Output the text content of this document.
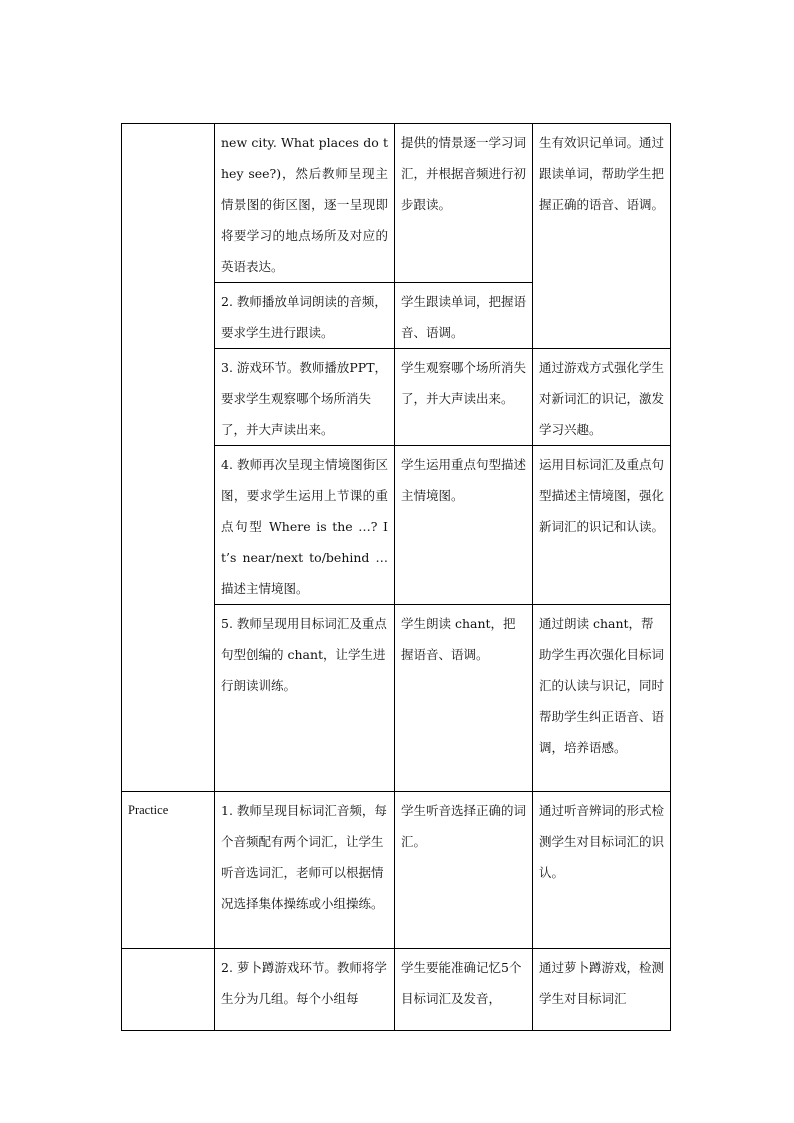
	new city. What places do they see?)，然后教师呈现主情景图的街区图，逐一呈现即将要学习的地点场所及对应的英语表达。	提供的情景逐一学习词汇，并根据音频进行初步跟读。	生有效识记单词。通过跟读单词，帮助学生把握正确的语音、语调。
	2. 教师播放单词朗读的音频，要求学生进行跟读。	学生跟读单词，把握语音、语调。	
	3. 游戏环节。教师播放PPT，要求学生观察哪个场所消失了，并大声读出来。	学生观察哪个场所消失了，并大声读出来。	通过游戏方式强化学生对新词汇的识记，激发学习兴趣。
	4. 教师再次呈现主情境图街区图，要求学生运用上节课的重点句型 Where is the …? It’s near/next to/behind …描述主情境图。	学生运用重点句型描述主情境图。	运用目标词汇及重点句型描述主情境图，强化新词汇的识记和认读。
	5. 教师呈现用目标词汇及重点句型创编的 chant，让学生进行朗读训练。	学生朗读 chant，把握语音、语调。	通过朗读 chant，帮助学生再次强化目标词汇的认读与识记，同时帮助学生纠正语音、语调，培养语感。
Practice	1. 教师呈现目标词汇音频，每个音频配有两个词汇，让学生听音选词汇，老师可以根据情况选择集体操练或小组操练。	学生听音选择正确的词汇。	通过听音辨词的形式检测学生对目标词汇的识认。
	2. 萝卜蹲游戏环节。教师将学生分为几组。每个小组每	学生要能准确记忆5个目标词汇及发音，	通过萝卜蹲游戏，检测学生对目标词汇
